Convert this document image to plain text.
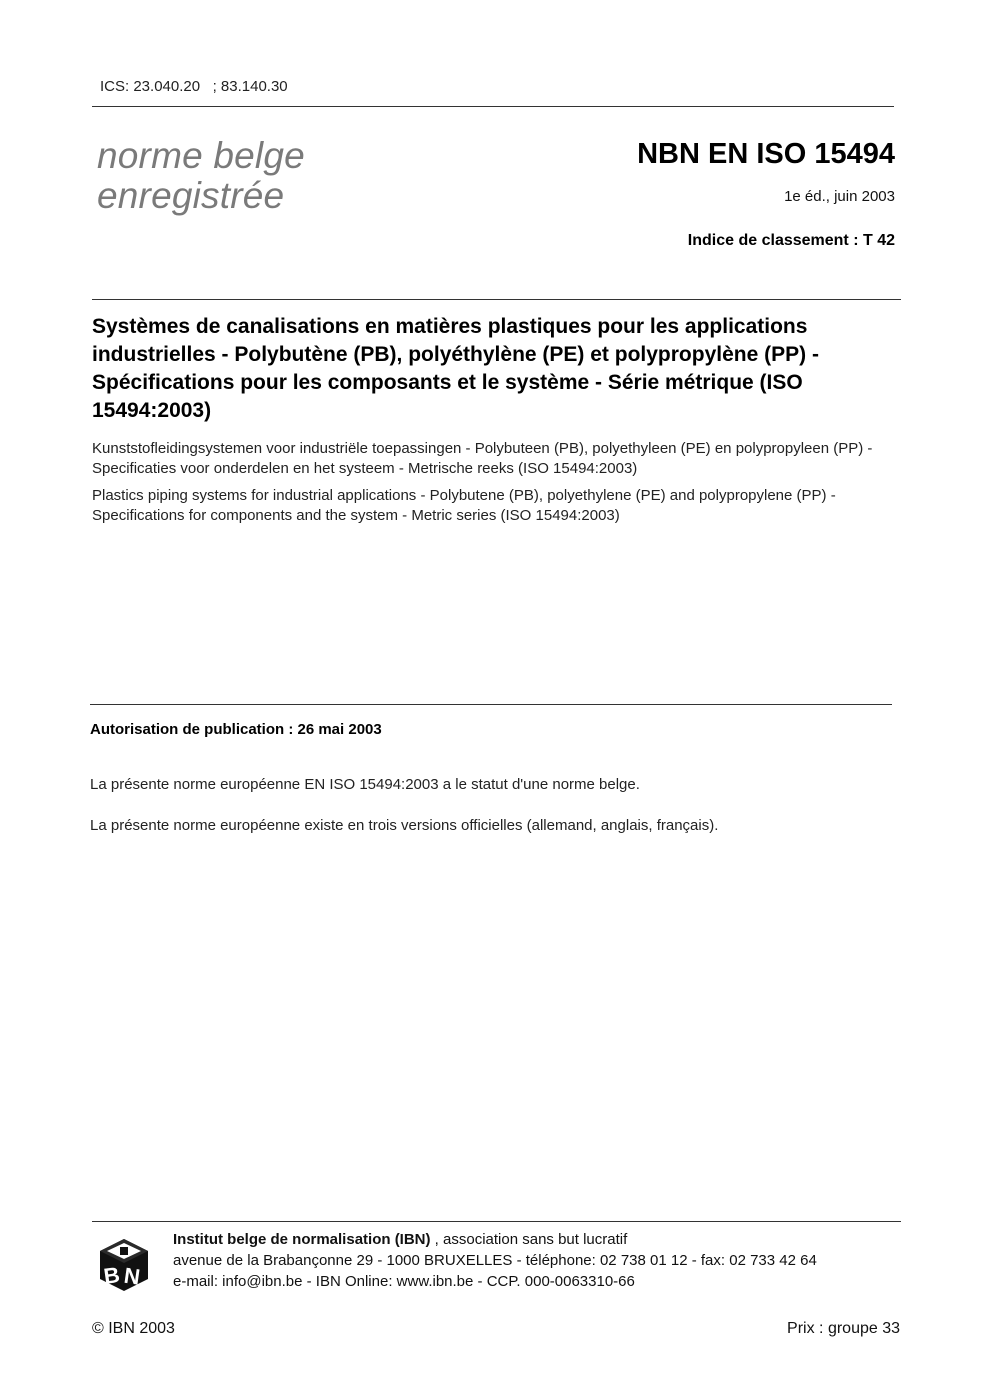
ICS: 23.040.20   ; 83.140.30
norme belge
enregistrée
NBN EN ISO 15494
1e éd., juin 2003
Indice de classement : T 42
Systèmes de canalisations en matières plastiques pour les applications industrielles - Polybutène (PB), polyéthylène (PE) et polypropylène (PP) - Spécifications pour les composants et le système - Série métrique (ISO 15494:2003)
Kunststofleidingsystemen voor industriële toepassingen - Polybuteen (PB), polyethyleen (PE) en polypropyleen (PP) - Specificaties voor onderdelen en het systeem - Metrische reeks (ISO 15494:2003)
Plastics piping systems for industrial applications - Polybutene (PB), polyethylene (PE) and polypropylene (PP) - Specifications for components and the system - Metric series (ISO 15494:2003)
Autorisation de publication : 26 mai 2003
La présente norme européenne EN ISO 15494:2003 a le statut d'une norme belge.
La présente norme européenne existe en trois versions officielles (allemand, anglais, français).
B N
Institut belge de normalisation (IBN) , association sans but lucratif
avenue de la Brabançonne 29 - 1000 BRUXELLES - téléphone: 02 738 01 12 - fax: 02 733 42 64
e-mail: info@ibn.be - IBN Online: www.ibn.be - CCP. 000-0063310-66
© IBN 2003	Prix : groupe 33
